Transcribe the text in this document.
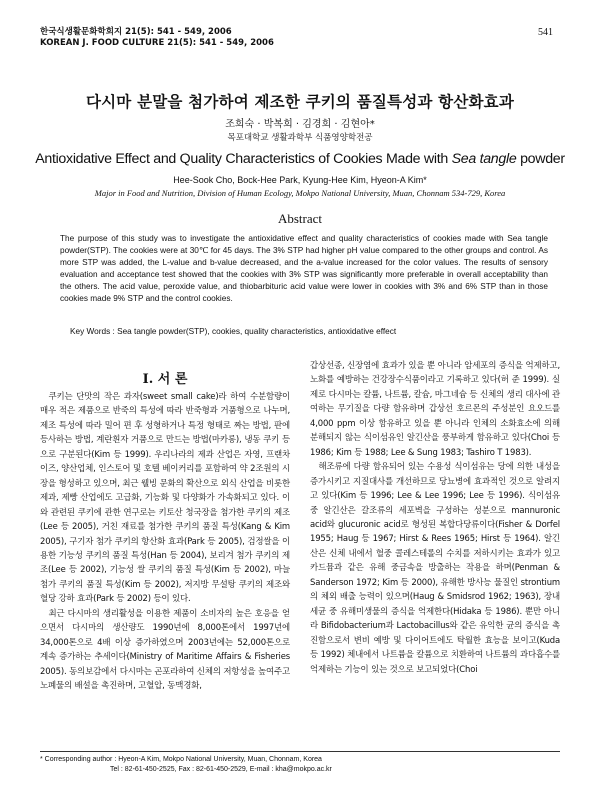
한국식생활문화학회지 21(5): 541 - 549, 2006
KOREAN J. FOOD CULTURE 21(5): 541 - 549, 2006
541
다시마 분말을 첨가하여 제조한 쿠키의 품질특성과 항산화효과
조희숙 · 박복희 · 김경희 · 김현아*
목포대학교 생활과학부 식품영양학전공
Antioxidative Effect and Quality Characteristics of Cookies Made with Sea tangle powder
Hee-Sook Cho, Bock-Hee Park, Kyung-Hee Kim, Hyeon-A Kim*
Major in Food and Nutrition, Division of Human Ecology, Mokpo National University, Muan, Chonnam 534-729, Korea
Abstract

The purpose of this study was to investigate the antioxidative effect and quality characteristics of cookies made with Sea tangle powder(STP). The cookies were at 30℃ for 45 days. The 3% STP had higher pH value compared to the other groups and control. As more STP was added, the L-value and b-value decreased, and the a-value increased for the color values. The results of sensory evaluation and acceptance test showed that the cookies with 3% STP was significantly more preferable in overall acceptability than the others. The acid value, peroxide value, and thiobarbituric acid value were lower in cookies with 3% and 6% STP than in those cookies made 9% STP and the control cookies.

Key Words : Sea tangle powder(STP), cookies, quality characteristics, antioxidative effect
Ⅰ. 서 론

쿠키는 단맛의 작은 과자(sweet small cake)라 하여 수분함량이 매우 적은 제품으로 반죽의 특성에 따라 반죽형과 거품형으로 나누며, 제조 특성에 따라 밀어 편 후 성형하거나 특정 형태로 짜는 방법, 판에 등사하는 방법, 계란흰자 거품으로 만드는 방법(마카롱), 냉동 쿠키 등으로 구분된다(Kim 등 1999). 우리나라의 제과 산업은 자영, 프랜차이즈, 양산업체, 인스토어 및 호텔 베이커리를 포함하여 약 2조원의 시장을 형성하고 있으며, 최근 웰빙 문화의 확산으로 외식 산업을 비롯한 제과, 제빵 산업에도 고급화, 기능화 및 다양화가 가속화되고 있다. 이와 관련된 쿠키에 관한 연구로는 키토산 청국장을 첨가한 쿠키의 제조(Lee 등 2005), 거친 재료를 첨가한 쿠키의 품질 특성(Kang & Kim 2005), 구기자 첨가 쿠키의 항산화 효과(Park 등 2005), 검정쌀을 이용한 기능성 쿠키의 품질 특성(Han 등 2004), 보리겨 첨가 쿠키의 제조(Lee 등 2002), 기능성 쌀 쿠키의 품질 특성(Kim 등 2002), 마늘 첨가 쿠키의 품질 특성(Kim 등 2002), 저지방 무설탕 쿠키의 제조와 혈당 강하 효과(Park 등 2002) 등이 있다.

최근 다시마의 생리활성을 이용한 제품이 소비자의 높은 호응을 얻으면서 다시마의 생산량도 1990년에 8,000톤에서 1997년에 34,000톤으로 4배 이상 증가하였으며 2003년에는 52,000톤으로 계속 증가하는 추세이다(Ministry of Maritime Affairs & Fisheries 2005). 동의보감에서 다시마는 곤포라하여 신체의 저항성을 높여주고 노폐물의 배설을 촉진하며, 고혈압, 동맥경화,

갑상선종, 신장염에 효과가 있을 뿐 아니라 암세포의 증식을 억제하고, 노화를 예방하는 건강장수식품이라고 기록하고 있다(허 준 1999). 실제로 다시마는 칼륨, 나트륨, 칼슘, 마그네슘 등 신체의 생리 대사에 관여하는 무기질을 다량 함유하며 갑상선 호르몬의 주성분인 요오드를 4,000 ppm 이상 함유하고 있을 뿐 아니라 인체의 소화효소에 의해 분해되지 않는 식이섬유인 알긴산을 풍부하게 함유하고 있다(Choi 등 1986; Kim 등 1988; Lee & Sung 1983; Tashiro T 1983).

해조류에 다량 함유되어 있는 수용성 식이섬유는 당에 의한 내성을 증가시키고 지질대사를 개선하므로 당뇨병에 효과적인 것으로 알려지고 있다(Kim 등 1996; Lee & Lee 1996; Lee 등 1996). 식이섬유 중 알긴산은 갈조류의 세포벽을 구성하는 성분으로 mannuronic acid와 glucuronic acid로 형성된 복합다당류이다(Fisher & Dorfel 1955; Haug 등 1967; Hirst & Rees 1965; Hirst 등 1964). 알긴산은 신체 내에서 혈중 콜레스테롤의 수치를 저하시키는 효과가 있고 카드뮴과 같은 유해 중금속을 방출하는 작용을 하며(Penman & Sanderson 1972; Kim 등 2000), 유해한 방사능 물질인 strontium의 체외 배출 능력이 있으며(Haug & Smidsrod 1962; 1963), 장내 세균 중 유해미생물의 증식을 억제한다(Hidaka 등 1986). 뿐만 아니라 Bifidobacterium과 Lactobacillus와 같은 유익한 균의 증식을 촉진함으로서 변비 예방 및 다이어트에도 탁월한 효능을 보이고(Kuda 등 1992) 체내에서 나트륨을 칼륨으로 치환하여 나트륨의 과다흡수를 억제하는 기능이 있는 것으로 보고되었다(Choi

* Corresponding author : Hyeon-A Kim, Mokpo National University, Muan, Chonnam, Korea
Tel : 82-61-450-2525, Fax : 82-61-450-2529, E-mail : kha@mokpo.ac.kr
